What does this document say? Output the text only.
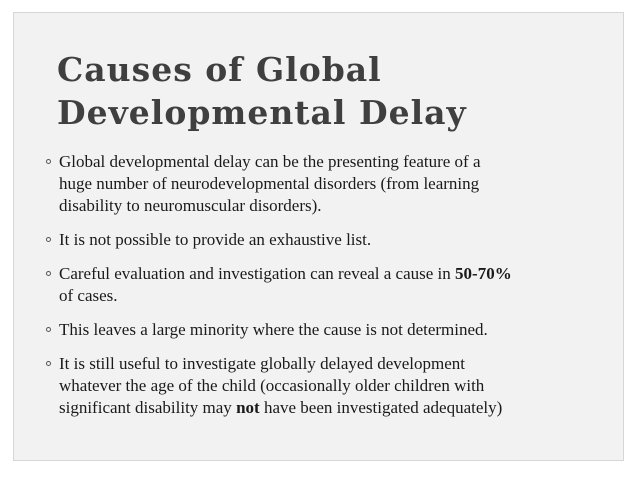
Causes of Global
Developmental Delay
Global developmental delay can be the presenting feature of a
huge number of neurodevelopmental disorders (from learning
disability to neuromuscular disorders).
It is not possible to provide an exhaustive list.
Careful evaluation and investigation can reveal a cause in 50-70%
of cases.
This leaves a large minority where the cause is not determined.
It is still useful to investigate globally delayed development
whatever the age of the child (occasionally older children with
significant disability may not have been investigated adequately)
